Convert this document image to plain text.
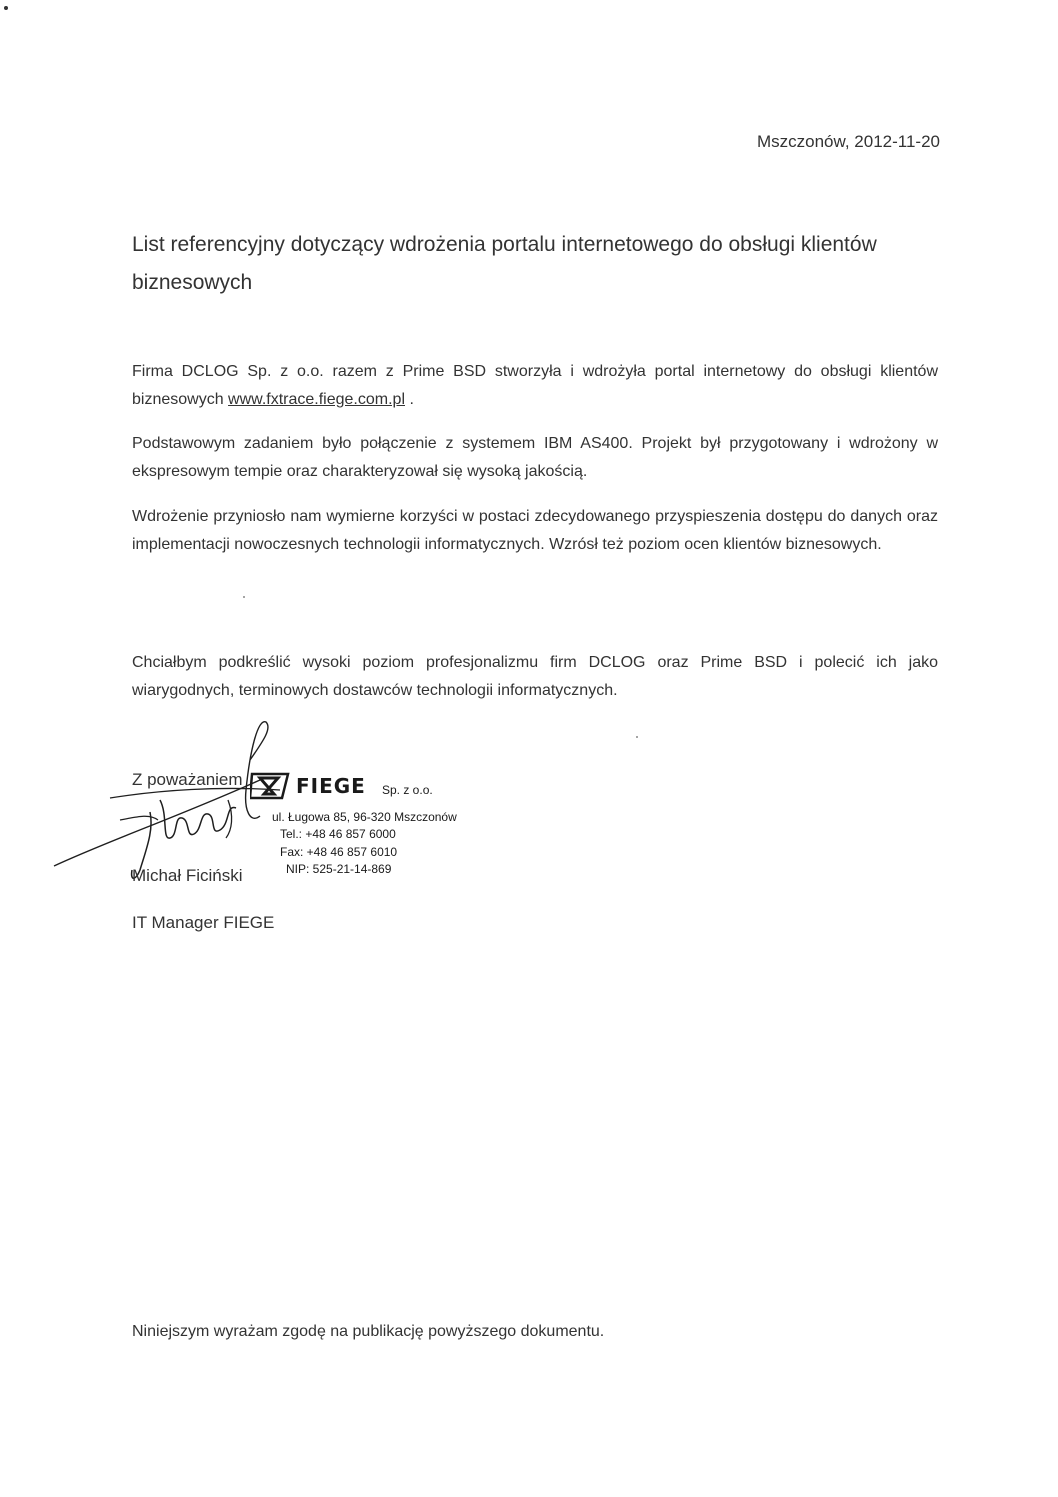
Mszczonów, 2012-11-20
List referencyjny dotyczący wdrożenia portalu internetowego do obsługi klientów biznesowych
Firma DCLOG Sp. z o.o. razem z Prime BSD stworzyła i wdrożyła portal internetowy do obsługi klientów biznesowych www.fxtrace.fiege.com.pl .
Podstawowym zadaniem było połączenie z systemem IBM AS400. Projekt był przygotowany i wdrożony w ekspresowym tempie oraz charakteryzował się wysoką jakością.
Wdrożenie przyniosło nam wymierne korzyści w postaci zdecydowanego przyspieszenia dostępu do danych oraz implementacji nowoczesnych technologii informatycznych. Wzrósł też poziom ocen klientów biznesowych.
Chciałbym podkreślić wysoki poziom profesjonalizmu firm DCLOG oraz Prime BSD i polecić ich jako wiarygodnych, terminowych dostawców technologii informatycznych.
Z poważaniem	FIEGE Sp. z o.o.
ul. Ługowa 85, 96-320 Mszczonów
Tel.: +48 46 857 6000
Fax: +48 46 857 6010
NIP: 525-21-14-869
Michał Ficiński
IT Manager FIEGE
Niniejszym wyrażam zgodę na publikację powyższego dokumentu.
